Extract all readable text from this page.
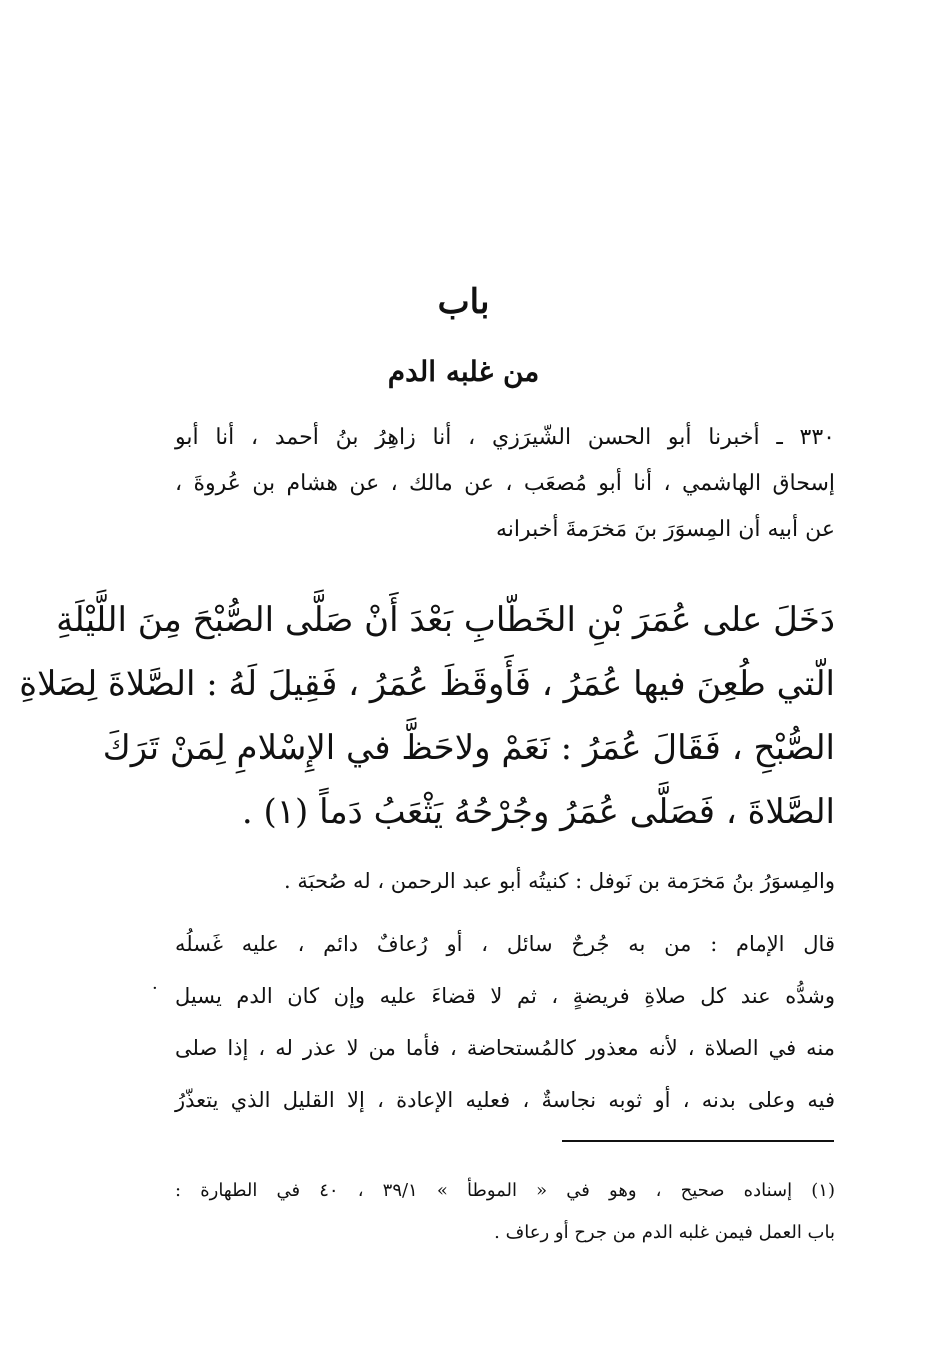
باب
من غلبه الدم
٣٣٠ ـ أخبرنا أبو الحسن الشّيرَزي ، أنا زاهِرُ بنُ أحمد ، أنا أبو
إسحاق الهاشمي ، أنا أبو مُصعَب ، عن مالك ، عن هشام بن عُروةَ ،
عن أبيه أن المِسوَرَ بنَ مَخرَمةَ أخبرانه
دَخَلَ على عُمَرَ بْنِ الخَطّابِ بَعْدَ أَنْ صَلَّى الصُّبْحَ مِنَ اللَّيْلَةِ
الّتي طُعِنَ فيها عُمَرُ ، فَأَوقَظَ عُمَرُ ، فَقِيلَ لَهُ : الصَّلاةَ لِصَلاةِ
الصُّبْحِ ، فَقَالَ عُمَرُ : نَعَمْ ولاحَظَّ في الإِسْلامِ لِمَنْ تَرَكَ
الصَّلاةَ ، فَصَلَّى عُمَرُ وجُرْحُهُ يَثْعَبُ دَماً (١) .
والمِسوَرُ بنُ مَخرَمة بن نَوفل : كنيتُه أبو عبد الرحمن ، له صُحبَة .
قال الإمام : من به جُرحٌ سائل ، أو رُعافٌ دائم ، عليه غَسلُه
وشدُّه عند كل صلاةِ فريضةٍ ، ثم لا قضاءَ عليه وإن كان الدم يسيل
منه في الصلاة ، لأنه معذور كالمُستحاضة ، فأما من لا عذر له ، إذا صلى
فيه وعلى بدنه ، أو ثوبه نجاسةٌ ، فعليه الإعادة ، إلا القليل الذي يتعذّرُ
·
(١) إسناده صحيح ، وهو في « الموطأ » ٣٩/١ ، ٤٠ في الطهارة :
باب العمل فيمن غلبه الدم من جرح أو رعاف .
